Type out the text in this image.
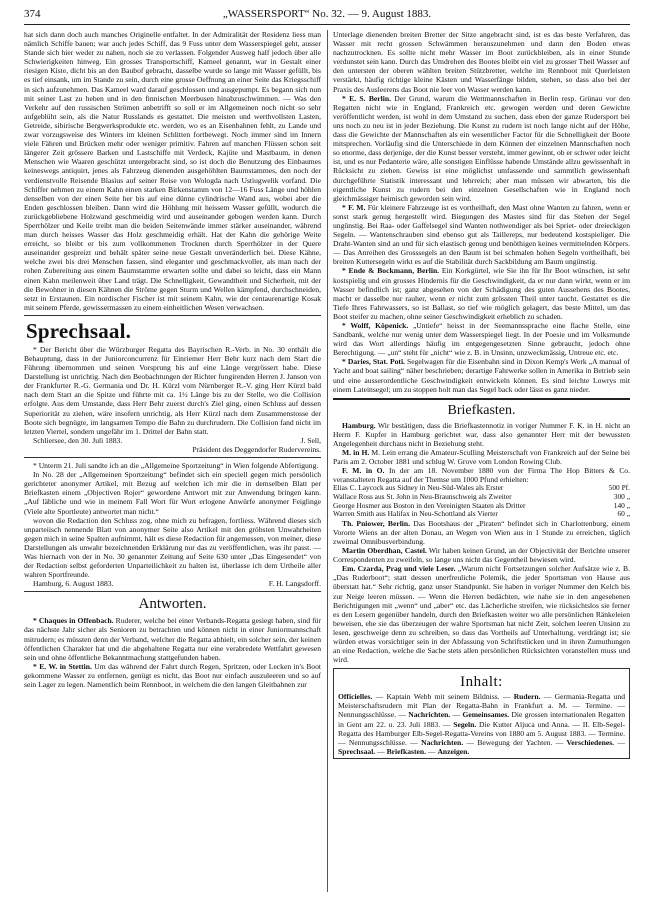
374	„WASSERSPORT“ No. 32. — 9. August 1883.

hat sich dann doch auch manches Originelle entfaltet. In der Admiralität der Residenz liess man nämlich Schiffe bauen; war auch jedes Schiff, das 9 Fuss unter dem Wasserspiegel geht, ausser Stande sich hier weder zu nahen, noch sie zu verlassen. Folgender Ausweg half jedoch über alle Schwierigkeiten hinweg. Ein grosses Transportschiff, Kameel genannt, war in Gestalt einer riesigen Kiste, dicht bis an den Baubof gebracht, dasselbe wurde so lange mit Wasser gefüllt, bis es tief einsank, um im Stande zu sein, durch eine grosse Oeffnung an einer Seite das Kriegsschiff in sich aufzunehmen. Das Kameel ward darauf geschlossen und ausgepumpt. Es begann sich nun mit seiner Last zu heben und in den finnischen Meerbusen hinabzuschwimmen. — Was den Verkehr auf den russischen Strömen anbetrifft so soll er im Allgemeinen noch nicht so sehr aufgeblüht sein, als die Natur Russlands es gestattet. Die meisten und werthvollsten Lasten, Getreide, sibirische Bergwerksprodukte etc. werden, wo es an Eisenbahnen fehlt, zu Lande und zwar vorzugsweise des Winters im kleinen Schlitten fortbewegt. Noch immer sind im Innern viele Fähren und Brücken mehr oder weniger primitiv. Fahren auf manchen Flüssen schon seit längerer Zeit grössere Barken und Lastschiffe mit Verdeck, Kajüte und Mastbaum, in denen Menschen wie Waaren geschützt untergebracht sind, so ist doch die Benutzung des Einbaumes keineswegs antiquirt, jenes als Fahrzeug dienenden ausgehöhlten Baumstammes, den noch der verdienstvolle Reisende Blasius auf seiner Reise von Wologda nach Ustiugwelik vorfand. Die Schiffer nehmen zu einem Kahn einen starken Birkenstamm von 12—16 Fuss Länge und höhlen denselben von der einen Seite her bis auf eine dünne cylindrische Wand aus, wobei aber die Enden geschlossen bleiben. Dann wird die Höhlung mit heissem Wasser gefüllt, wodurch die zurückgebliebene Holzwand geschmeidig wird und auseinander gebogen werden kann. Durch Sperrhölzer und Keile treibt man die beiden Seitenwände immer stärker auseinander, während man durch heisses Wasser das Holz geschmeidig erhält. Hat der Kahn die gehörige Weite erreicht, so bleibt er bis zum vollkommenen Trocknen durch Sperrhölzer in der Quere auseinander gespreizt und behält später seine neue Gestalt unveränderlich bei. Diese Kähne, welche zwei bis drei Menschen fassen, sind eleganter und geschmackvoller, als man nach der rohen Zubereitung aus einem Baumstamme erwarten sollte und dabei so leicht, dass ein Mann einen Kahn meilenweit über Land trägt. Die Schnelligkeit, Gewandtheit und Sicherheit, mit der die Bewohner in diesen Kähnen die Ströme gegen Sturm und Wellen kämpfend, durchschneiden, setzt in Erstaunen. Ein nordischer Fischer ist mit seinem Kahn, wie der centaurenartige Kosak mit seinem Pferde, gewissermassen zu einem einheitlichen Wesen verwachsen.

Sprechsaal.

* Der Bericht über die Würzburger Regatta des Bayrischen R.-Verb. in No. 30 enthält die Behauptung, dass in der Juniorconcurrenz für Einriemer Herr Behr kurz nach dem Start die Führung übernommen und seinen Vorsprung bis auf eine Länge vergrössert habe. Diese Darstellung ist unrichtig. Nach den Beobachtungen der Richter fungirenden Herren J. Janson von der Frankfurter R.-G. Germania und Dr. H. Kürzl vom Nürnberger R.-V. ging Herr Kürzl bald nach dem Start an die Spitze und führte mit ca. 1½ Länge bis zu der Stelle, wo die Collision erfolgte. Aus dem Umstande, dass Herr Behr zuerst durch's Ziel ging, einen Schluss auf dessen Superiorität zu ziehen, wäre insofern unrichtig, als Herr Kürzl nach dem Zusammenstosse der Boote sich begnügte, im langsamen Tempo die Bahn zu durchrudern. Die Collision fand nicht im letzten Viertel, sondern ungefähr im 1. Drittel der Bahn statt.

Schliersee, den 30. Juli 1883.	J. Sell,

Präsident des Deggendorfer Rudervereins.

* Unterm 21. Juli sandte ich an die „Allgemeine Sportzeitung“ in Wien folgende Abfertigung.

In No. 28 der „Allgemeinen Sportzeitung“ befindet sich ein speciell gegen mich persönlich gerichteter anonymer Artikel, mit Bezug auf welchen ich mir die in demselben Blatt per Briefkasten einem „Objectiven Rojer“ gewordene Antwort mit zur Anwendung bringen kann. „Auf läbliche und wie in meinem Fall Wort für Wort erlogene Anwürfe anonymer Feiglinge (Viele alte Sportleute) antwortet man nicht.“

wovon die Redaction den Schluss zog, ohne mich zu befragen, fortliess. Während dieses sich unparteiisch nennende Blatt von anonymer Seite also Artikel mit den gröbsten Unwahrheiten gegen mich in seine Spalten aufnimmt, hält es diese Redaction für angemessen, von meiner, diese Darstellungen als unwahr bezeichnenden Erklärung nur das zu veröffentlichen, was ihr passt. — Was hiernach von der in No. 30 genannter Zeitung auf Seite 630 unter „Das Eingesendet“ von der Redaction selbst geforderten Unparteilichkeit zu halten ist, überlasse ich dem Urtheile aller wahren Sportfreunde.

Hamburg, 6. August 1883.	F. H. Langsdorff.

Antworten.

* Chaques in Offenbach. Ruderer, welche bei einer Verbands-Regatta gesiegt haben, sind für das nächste Jahr sicher als Senioren zu betrachten und können nicht in einer Juniormannschaft mitrudern; es müssten denn der Verband, welcher die Regatta abhielt, ein solcher sein, der keinen öffentlichen Charakter hat und die abgehaltene Regatta nur eine verabredete Wettfahrt gewesen sein und ohne öffentliche Bekanntmachung stattgefunden haben.

* E. W. in Stettin. Um das während der Fahrt durch Regen, Spritzen, oder Lecken in's Boot gekommene Wasser zu entfernen, genügt es nicht, das Boot nur einfach auszuleeren und so auf sein Lager zu legen. Namentlich beim Rennboot, in welchem die den langen Gleitbahnen zur

Unterlage dienenden breiten Bretter der Sitze angebracht sind, ist es das beste Verfahren, das Wasser mit recht grossen Schwämmen herauszunehmen und dann den Boden etwas nachzutrocknen. Es sollte nicht mehr Wasser im Boot zurückbleiben, als in einer Stunde verdunstet sein kann. Durch das Umdrehen des Bootes bleibt ein viel zu grosser Theil Wasser auf den untersten der oberen wählten breiten Stützbretter, welche im Rennboot mit Querleisten verstärkt, häufig richtige kleine Kästen und Wasserfänge bilden, stehen, so dass also bei der Praxis des Ausleerens das Boot nie leer von Wasser werden kann.

* E. S. Berlin. Der Grund, warum die Wettmannschaften in Berlin resp. Grünau vor den Regatten nicht wie in England, Frankreich etc. gewogen werden und deren Gewichte veröffentlicht werden, ist wohl in dem Umstand zu suchen, dass eben der ganze Rudersport bei uns noch zu neu ist in jeder Beziehung. Die Kunst zu rudern ist noch lange nicht auf der Höhe, dass die Gewichte der Mannschaften als ein wesentlicher Factor für die Schnelligkeit der Boote mitsprechen. Vorläufig sind die Unterschiede in dem Können der einzelnen Mannschaften noch so enorme, dass derjenige, der die Kunst besser versteht, immer gewinnt, ob er schwer oder leicht ist, und es nur Pedanterie wäre, alle sonstigen Einflüsse habende Umstände allzu gewissenhaft in Rücksicht zu ziehen. Gewiss ist eine möglichst umfassende und sammtlich gewissenhaft durchgeführte Statistik interessant und lehrreich; aber man müssen wir abwarten, bis die eigentliche Kunst zu rudern bei den einzelnen Gesellschaften wie in England noch gleichmässiger heimisch geworden sein wird.

* F. M. Für kleinere Fahrzeuge ist es vortheilhaft, den Mast ohne Wanten zu fahren, wenn er sonst stark genug hergestellt wird. Biegungen des Mastes sind für das Stehen der Segel ungünstig. Bei Raa- oder Gaffelsegel sind Wanten nothwendiger als bei Spriet- oder dreieckigen Segeln. — Wantenschrauben sind ebenso gut als Taillereps, nur bedeutend kostspieliger. Die Draht-Wanten sind an und für sich elastisch genug und benöthigen keines vermittelnden Körpers. — Das Anreihen des Grosssegels an den Baum ist bei schmalen hohen Segeln vortheilhaft, bei breiten Kuttersegeln wirkt es auf die Stabilität durch Sackbildung am Baum ungünstig.

* Ende & Bockmann, Berlin. Ein Korkgürtel, wie Sie ihn für Ihr Boot wünschen, ist sehr kostspielig und ein grosses Hindernis für die Geschwindigkeit, da er nur dann wirkt, wenn er im Wasser befindlich ist; ganz abgesehen von der Schädigung des guten Aussehens des Bootes, macht er dasselbe nur rauher, wenn er nicht zum grössten Theil unter taucht. Gestattet es die Tiefe Ihres Fahrwassers, so ist Ballast, so tief wie möglich gelagert, das beste Mittel, um das Boot steifer zu machen, ohne seiner Geschwindigkeit erheblich zu schaden.

* Wolff, Köpenick. „Untiefe“ heisst in der Seemannssprache eine flache Stelle, eine Sandbank, welche nur wenig unter dem Wasserspiegel liegt. In der Poesie und im Volksmunde wird das Wort allerdings häufig im entgegengesetzten Sinne gebraucht, jedoch ohne Berechtigung. — „un“ steht für „nicht“ wie z. B. in Unsinn, unzweckmässig, Untreue etc. etc.

* Daries, Stat. Poti. Segelwagen für die Eisenbahn sind in Dixon Kemp's Werk „A manual of Yacht and boat sailing“ näher beschrieben; derartige Fahrwerke sollen in Amerika in Betrieb sein und eine ausserordentliche Geschwindigkeit entwickeln können. Es sind leichte Lowrys mit einem Lateinsegel; um zu stoppen holt man das Segel back oder lässt es ganz nieder.

Briefkasten.

Hamburg. Wir bestätigen, dass die Briefkastennotiz in voriger Nummer F. K. in H. nicht an Herrn F. Kupfer in Hamburg gerichtet war, dass also genannter Herr mit der bewussten Angelegenheit durchaus nicht in Beziehung steht.

M. in H. M. Lein errang die Amateur-Sculling Meisterschaft von Frankreich auf der Seine bei Paris am 2. October 1881 und schlug W. Grove vom London Rowing Club.

F. M. in O. In der am 18. November 1880 von der Firma The Hop Bitters & Co. veranstalteten Regatta auf der Themse um 1000 Pfund erhielten:

Elias C. Laycock aus Sidney in Neu-Süd-Wales als Erster	500 Pf.
Wallace Ross aus St. John in Neu-Braunschweig als Zweiter	300 „
George Hosmer aus Boston in den Vereinigten Staaten als Dritter	140 „
Warren Smith aus Halifax in Neu-Schottland als Vierter	60 „

Th. Pniower, Berlin. Das Bootshaus der „Piraten“ befindet sich in Charlottenburg, einem Vororte Wiens an der alten Donau, an Wegen von Wien aus in 1 Stunde zu erreichen, täglich zweimal Omnibusverbindung.

Martin Oberdhan, Castel. Wir haben keinen Grund, an der Objectivität der Berichte unserer Correspondenten zu zweifeln, so lange uns nicht das Gegentheil bewiesen wird.

Em. Czarda, Prag und viele Leser. „Warum nicht Fortsetzungen solcher Aufsätze wie z. B. „Das Ruderboot“; statt dessen unerfreuliche Polemik, die jeder Sportsman von Hause aus überstatt hat.“ Sehr richtig, ganz unser Standpunkt. Sie haben in voriger Nummer den Kelch bis zur Neige leeren müssen. — Wenn die Herren bedächten, wie nahe sie in den angesehenen Berichtigungen mit „wenn“ und „aber“ etc. das Lächerliche streifen, wie rücksichtslos sie ferner es den Lesern gegenüber handeln, durch den Briefkasten weiter wo alle persönlichen Ränkeleien beweisen, ehe sie das überzeugen der wahre Sportsman hat nicht Zeit, solchen leeren Unsinn zu lesen, geschweige denn zu schreiben, so dass das Vortheils auf Unterhaltung, verdrängt ist; sie würden etwas vorsichtiger sein in der Abfassung von Schriftstücken und in ihren Zumuthungen an eine Redaction, welche die Sache stets allen persönlichen Rücksichten voranstellen muss und wird.

Inhalt:

Officielles. — Kaptain Webb mit seinem Bildniss. — Rudern. — Germania-Regatta und Meisterschaftsrudern mit Plan der Regatta-Bahn in Frankfurt a. M. — Termine. — Nennungsschlüsse. — Nachrichten. — Gemeinsames. Die grossen internationalen Regatten in Gent am 22. u. 23. Juli 1883. — Segeln. Die Kutter Aljuca und Anna. — II. Elb-Segel-Regatta des Hamburger Elb-Segel-Regatta-Vereins von 1880 am 5. August 1883. — Termine. — Nennungsschlüsse. — Nachrichten. — Bewegung der Yachten. — Verschiedenes. — Sprechsaal. — Briefkasten. — Anzeigen.
